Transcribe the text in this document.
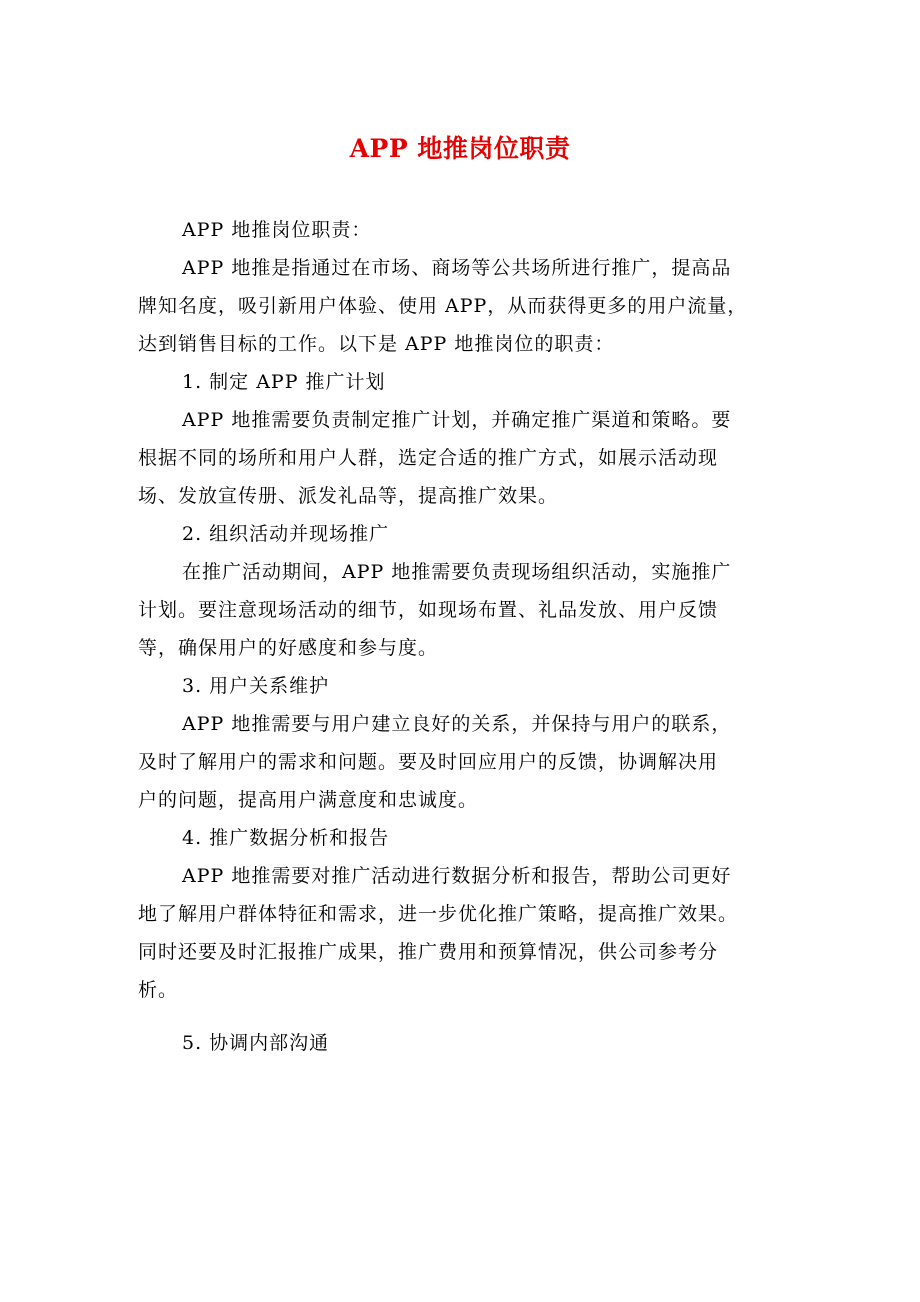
APP 地推岗位职责
APP 地推岗位职责：
APP 地推是指通过在市场、商场等公共场所进行推广，提高品
牌知名度，吸引新用户体验、使用 APP，从而获得更多的用户流量，
达到销售目标的工作。以下是 APP 地推岗位的职责：
1. 制定 APP 推广计划
APP 地推需要负责制定推广计划，并确定推广渠道和策略。要
根据不同的场所和用户人群，选定合适的推广方式，如展示活动现
场、发放宣传册、派发礼品等，提高推广效果。
2. 组织活动并现场推广
在推广活动期间，APP 地推需要负责现场组织活动，实施推广
计划。要注意现场活动的细节，如现场布置、礼品发放、用户反馈
等，确保用户的好感度和参与度。
3. 用户关系维护
APP 地推需要与用户建立良好的关系，并保持与用户的联系，
及时了解用户的需求和问题。要及时回应用户的反馈，协调解决用
户的问题，提高用户满意度和忠诚度。
4. 推广数据分析和报告
APP 地推需要对推广活动进行数据分析和报告，帮助公司更好
地了解用户群体特征和需求，进一步优化推广策略，提高推广效果。
同时还要及时汇报推广成果，推广费用和预算情况，供公司参考分
析。
5. 协调内部沟通
